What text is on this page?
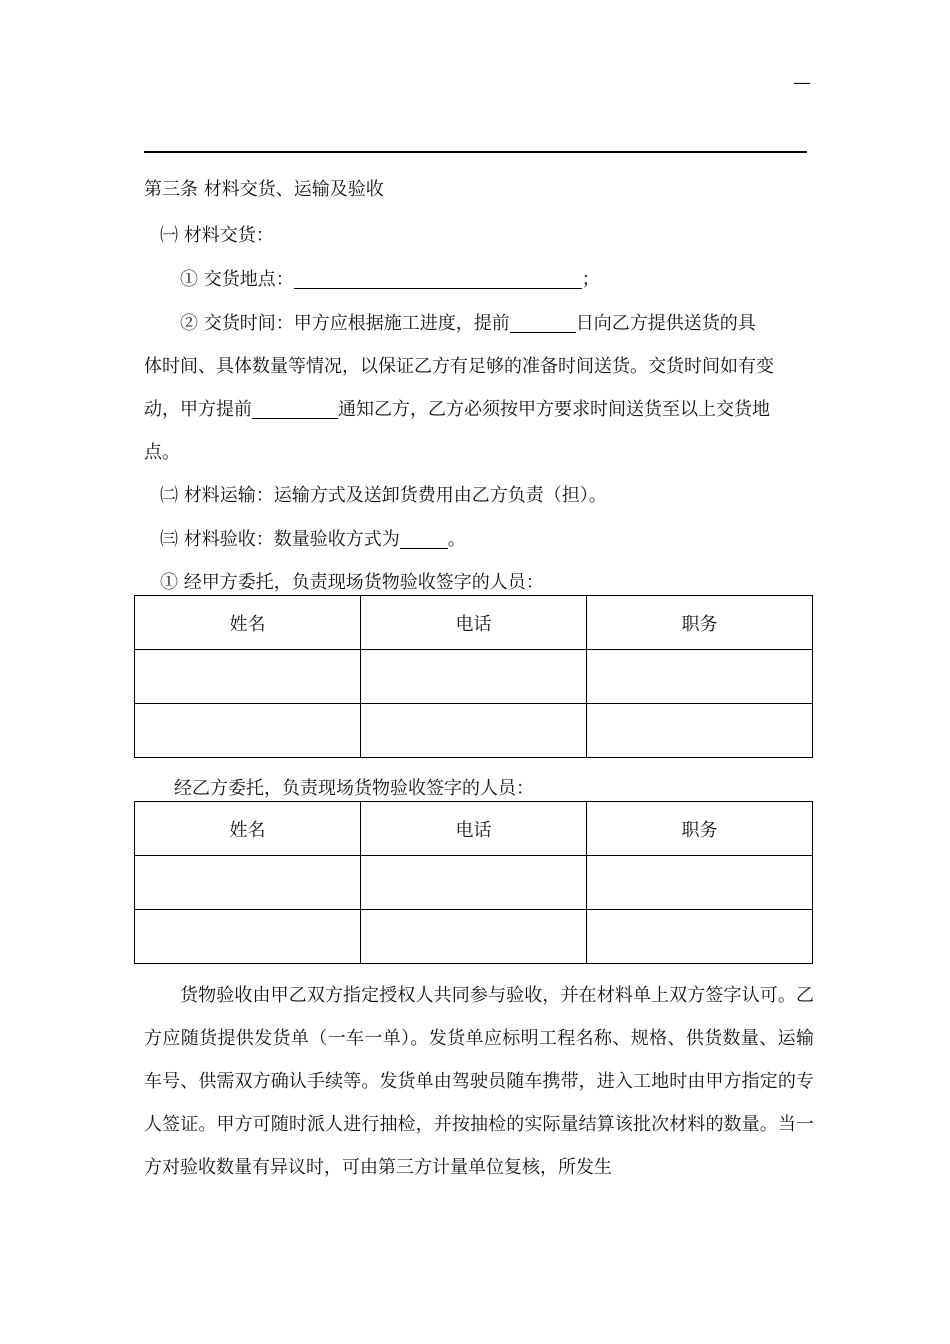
—
第三条 材料交货、运输及验收
㈠ 材料交货：
① 交货地点：	；
② 交货时间：甲方应根据施工进度，提前	日向乙方提供送货的具
体时间、具体数量等情况，以保证乙方有足够的准备时间送货。交货时间如有变
动，甲方提前	通知乙方，乙方必须按甲方要求时间送货至以上交货地
点。
㈡ 材料运输：运输方式及送卸货费用由乙方负责（担）。
㈢ 材料验收：数量验收方式为	。
① 经甲方委托，负责现场货物验收签字的人员：
姓名	电话	职务

经乙方委托，负责现场货物验收签字的人员：
姓名	电话	职务

货物验收由甲乙双方指定授权人共同参与验收，并在材料单上双方签字认可。乙方应随货提供发货单（一车一单）。发货单应标明工程名称、规格、供货数量、运输车号、供需双方确认手续等。发货单由驾驶员随车携带，进入工地时由甲方指定的专人签证。甲方可随时派人进行抽检，并按抽检的实际量结算该批次材料的数量。当一方对验收数量有异议时，可由第三方计量单位复核，所发生
